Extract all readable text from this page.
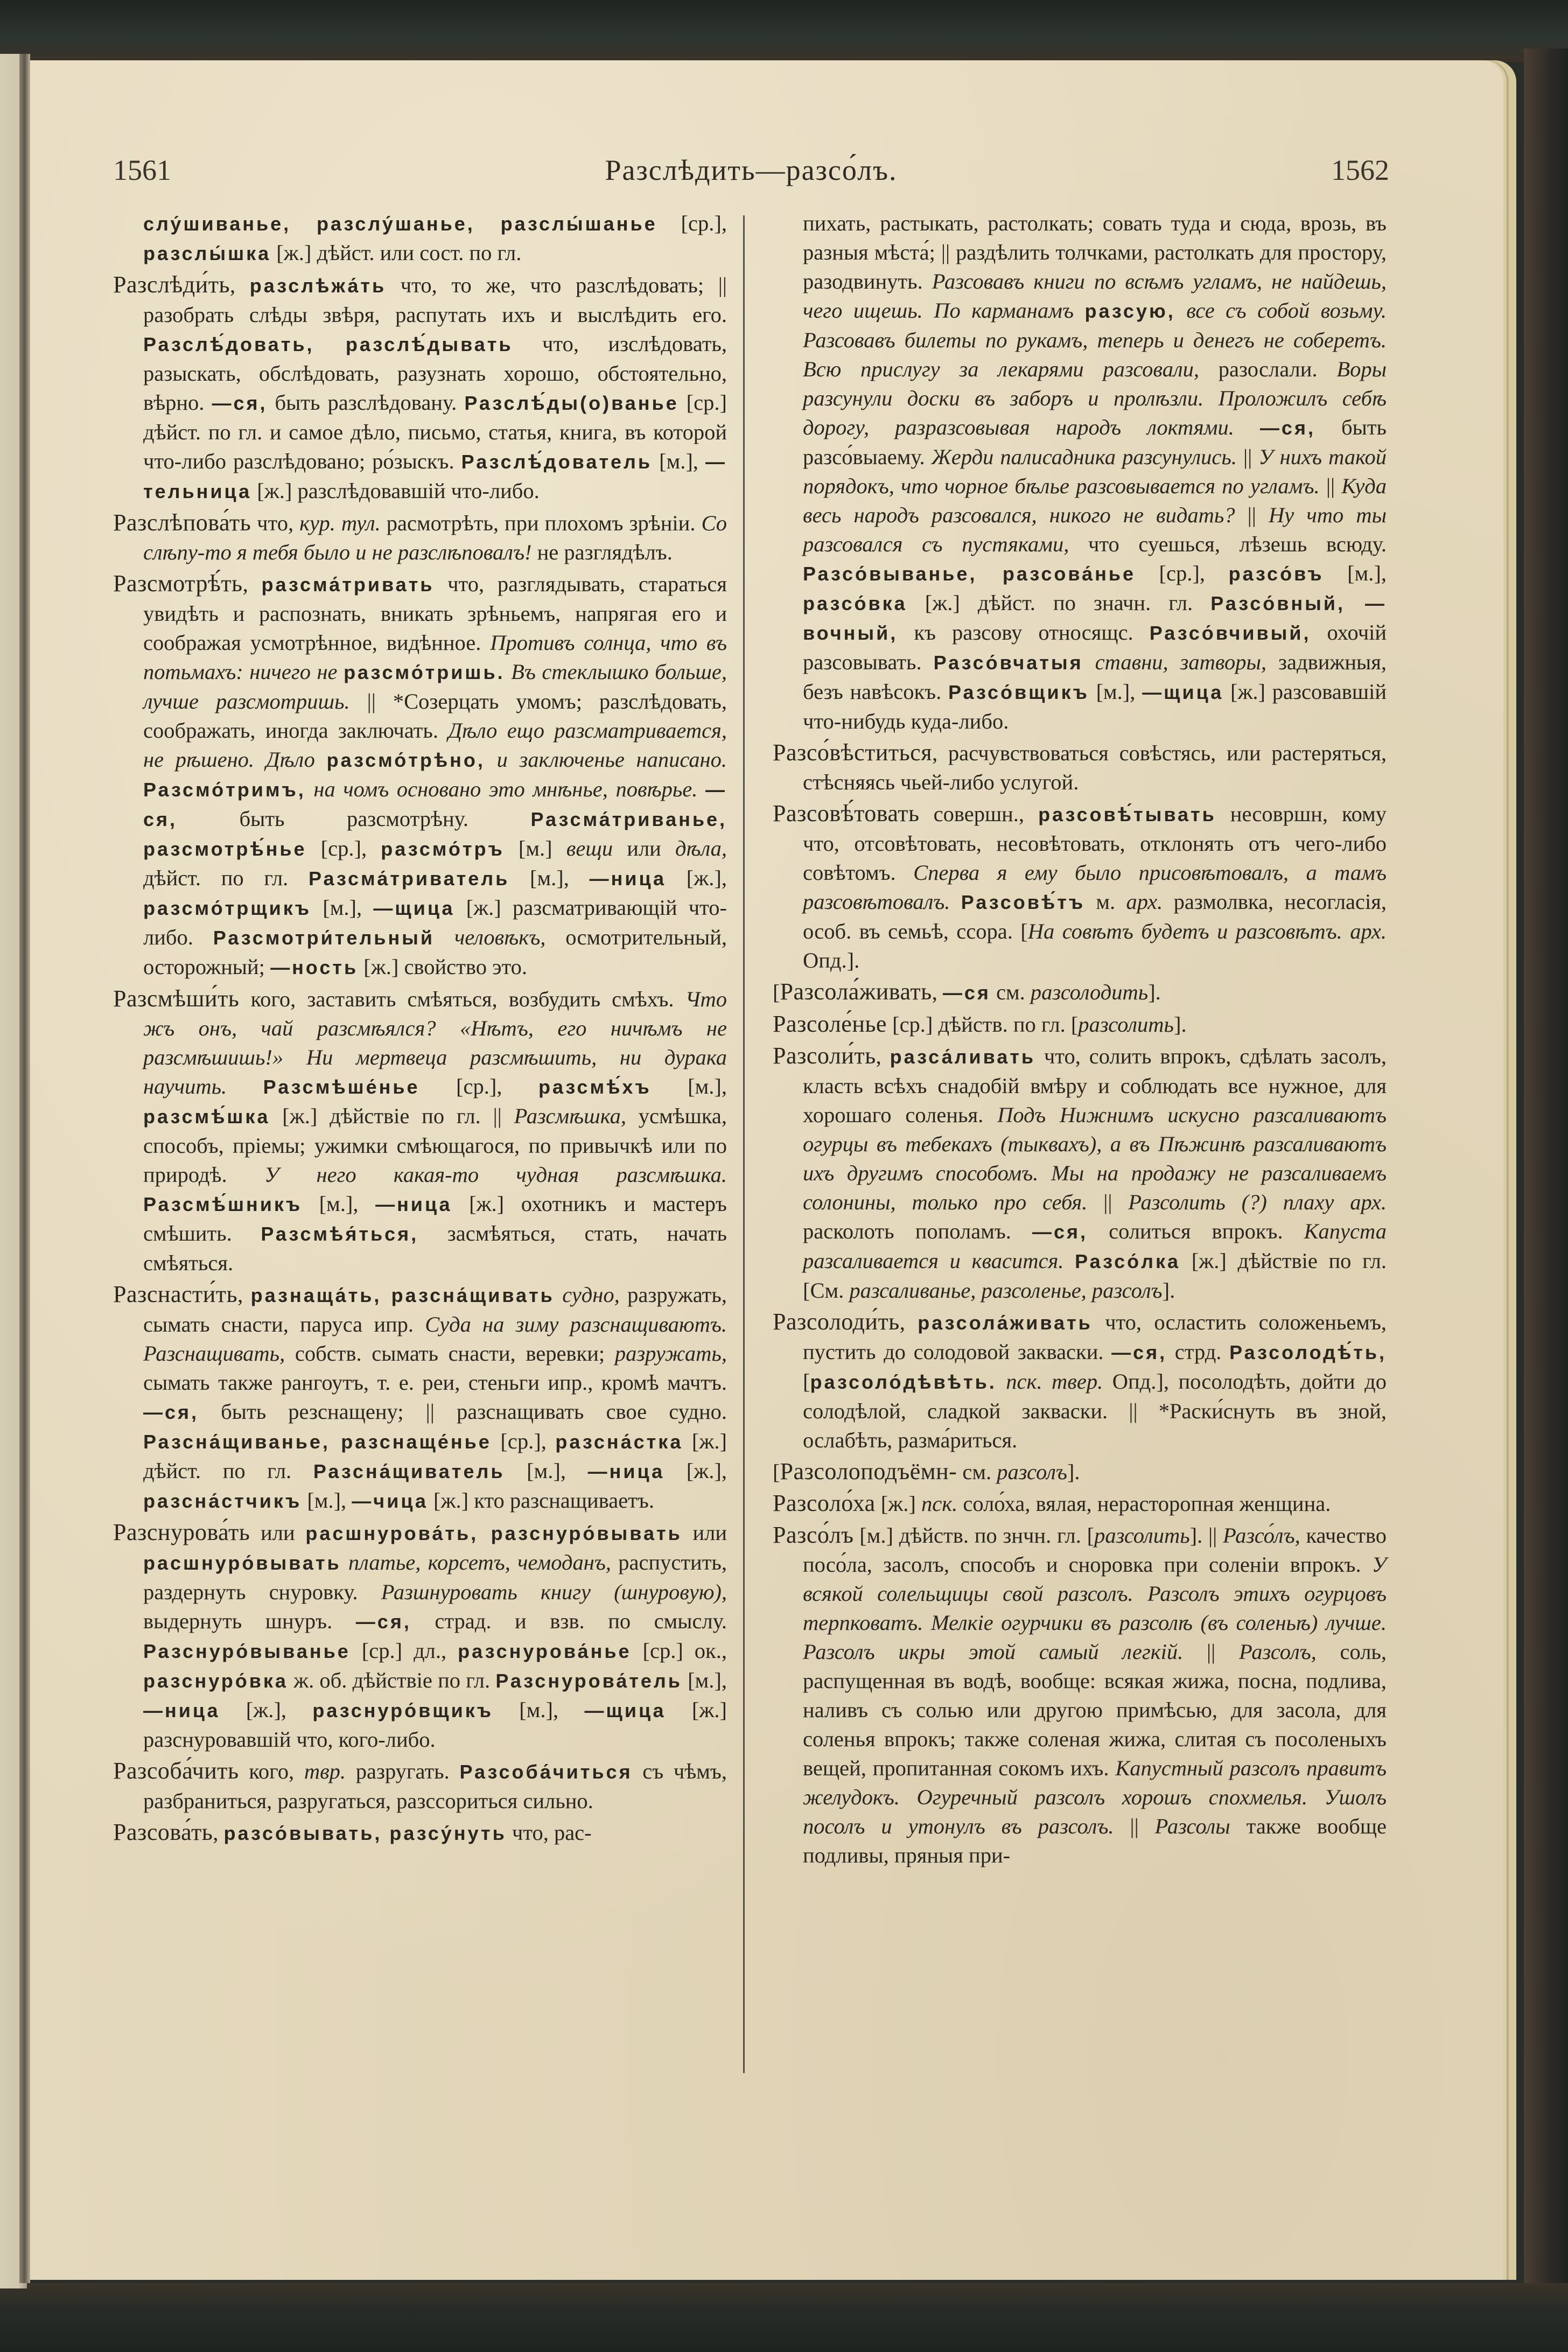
1561	Разслѣдить—разсо́лъ.	1562

слу́шиванье, разслу́шанье, разслы́шанье [ср.], разслы́шка [ж.] дѣйст. или сост. по гл.

Разслѣди́ть, разслѣжа́ть что, то же, что разслѣдовать; || разобрать слѣды звѣря, распутать ихъ и выслѣдить его. Разслѣ́довать, разслѣ́дывать что, изслѣдовать, разыскать, обслѣдовать, разузнать хорошо, обстоятельно, вѣрно. —ся, быть разслѣдовану. Разслѣ́ды(о)ванье [ср.] дѣйст. по гл. и самое дѣло, письмо, статья, книга, въ которой что-либо разслѣдовано; ро́зыскъ. Разслѣ́дователь [м.], —тельница [ж.] разслѣдовавшій что-либо.

Разслѣпова́ть что, кур. тул. расмотрѣть, при плохомъ зрѣніи. Со слѣпу-то я тебя было и не разслѣповалъ! не разглядѣлъ.

Разсмотрѣ́ть, разсма́тривать что, разглядывать, стараться увидѣть и распознать, вникать зрѣньемъ, напрягая его и соображая усмотрѣнное, видѣнное. Противъ солнца, что въ потьмахъ: ничего не разсмо́тришь. Въ стеклышко больше, лучше разсмотришь. || *Созерцать умомъ; разслѣдовать, соображать, иногда заключать. Дѣло ещо разсматривается, не рѣшено. Дѣло разсмо́трѣно, и заключенье написано. Разсмо́тримъ, на чомъ основано это мнѣнье, повѣрье. —ся, быть разсмотрѣну. Разсма́триванье, разсмотрѣ́нье [ср.], разсмо́тръ [м.] вещи или дѣла, дѣйст. по гл. Разсма́триватель [м.], —ница [ж.], разсмо́трщикъ [м.], —щица [ж.] разсматривающій что-либо. Разсмотри́тельный человѣкъ, осмотрительный, осторожный; —ность [ж.] свойство это.

Разсмѣши́ть кого, заставить смѣяться, возбудить смѣхъ. Что жъ онъ, чай разсмѣялся? «Нѣтъ, его ничѣмъ не разсмѣшишь!» Ни мертвеца разсмѣшить, ни дурака научить. Разсмѣше́нье [ср.], разсмѣ́хъ [м.], разсмѣ́шка [ж.] дѣйствіе по гл. || Разсмѣшка, усмѣшка, способъ, пріемы; ужимки смѣющагося, по привычкѣ или по природѣ. У него какая-то чудная разсмѣшка. Разсмѣ́шникъ [м.], —ница [ж.] охотникъ и мастеръ смѣшить. Разсмѣя́ться, засмѣяться, стать, начать смѣяться.

Разснасти́ть, разнаща́ть, разсна́щивать судно, разружать, сымать снасти, паруса ипр. Суда на зиму разснащиваютъ. Разснащивать, собств. сымать снасти, веревки; разружать, сымать также рангоутъ, т. е. реи, стеньги ипр., кромѣ мачтъ. —ся, быть резснащену; || разснащивать свое судно. Разсна́щиванье, разснаще́нье [ср.], разсна́стка [ж.] дѣйст. по гл. Разсна́щиватель [м.], —ница [ж.], разсна́стчикъ [м.], —чица [ж.] кто разснащиваетъ.

Разснурова́ть или расшнурова́ть, разснуро́вывать или расшнуро́вывать платье, корсетъ, чемоданъ, распустить, раздернуть снуровку. Разшнуровать книгу (шнуровую), выдернуть шнуръ. —ся, страд. и взв. по смыслу. Разснуро́вываньe [ср.] дл., разснурова́нье [ср.] ок., разснуро́вка ж. об. дѣйствіе по гл. Разснурова́тель [м.], —ница [ж.], разснуро́вщикъ [м.], —щица [ж.] разснуровавшій что, кого-либо.

Разсоба́чить кого, твр. разругать. Разсоба́читься съ чѣмъ, разбраниться, разругаться, разссориться сильно.

Разсова́ть, разсо́вывать, разсу́нуть что, рас-

пихать, растыкать, растолкать; совать туда и сюда, врозь, въ разныя мѣста́; || раздѣлить толчками, растолкать для простору, разодвинуть. Разсовавъ книги по всѣмъ угламъ, не найдешь, чего ищешь. По карманамъ разсую, все съ собой возьму. Разсовавъ билеты по рукамъ, теперь и денегъ не соберетъ. Всю прислугу за лекарями разсовали, разослали. Воры разсунули доски въ заборъ и пролѣзли. Проложилъ себѣ дорогу, разразсовывая народъ локтями. —ся, быть разсо́выаему. Жерди палисадника разсунулись. || У нихъ такой порядокъ, что чорное бѣлье разсовывается по угламъ. || Куда весь народъ разсовался, никого не видать? || Ну что ты разсовался съ пустяками, что суешься, лѣзешь всюду. Разсо́вываньe, разсова́нье [ср.], разсо́въ [м.], разсо́вка [ж.] дѣйст. по значн. гл. Разсо́вный, —вочный, къ разсову относящс. Разсо́вчивый, охочій разсовывать. Разсо́вчатыя ставни, затворы, задвижныя, безъ навѣсокъ. Разсо́вщикъ [м.], —щица [ж.] разсовавшій что-нибудь куда-либо.

Разсо́вѣститься, расчувствоваться совѣстясь, или растеряться, стѣсняясь чьей-либо услугой.

Разсовѣ́товать совершн., разсовѣ́тывать несовршн, кому что, отсовѣтовать, несовѣтовать, отклонять отъ чего-либо совѣтомъ. Сперва я ему было присовѣтовалъ, а тамъ разсовѣтовалъ. Разсовѣ́тъ м. арх. размолвка, несогласія, особ. въ семьѣ, ссора. [На совѣтъ будетъ и разсовѣтъ. арх. Опд.].

[Разсола́живать, —ся см. разсолодить].

Разсоле́нье [ср.] дѣйств. по гл. [разсолить].

Разсоли́ть, разса́ливать что, солить впрокъ, сдѣлать засолъ, класть всѣхъ снадобій вмѣру и соблюдать все нужное, для хорошаго соленья. Подъ Нижнимъ искусно разсаливаютъ огурцы въ тебекахъ (тыквахъ), а въ Пѣжинѣ разсаливаютъ ихъ другимъ способомъ. Мы на продажу не разсаливаемъ солонины, только про себя. || Разсолить (?) плаху арх. расколоть пополамъ. —ся, солиться впрокъ. Капуста разсаливается и квасится. Разсо́лка [ж.] дѣйствіе по гл. [См. разсаливанье, разсоленье, разсолъ].

Разсолоди́ть, разсола́живать что, осластить соложеньемъ, пустить до солодовой закваски. —ся, стрд. Разсолодѣ́ть, [разсоло́дѣвѣть. пск. твер. Опд.], посолодѣть, дойти до солодѣлой, сладкой закваски. || *Раски́снуть въ зной, ослабѣть, разма́риться.

[Разсолоподъёмн- см. разсолъ].

Разсоло́ха [ж.] пск. соло́ха, вялая, нерасторопная женщина.

Разсо́лъ [м.] дѣйств. по знчн. гл. [разсолить]. || Разсо́лъ, качество посо́ла, засолъ, способъ и сноровка при соленіи впрокъ. У всякой солельщицы свой разсолъ. Разсолъ этихъ огурцовъ терпковатъ. Мелкіе огурчики въ разсолѣ (въ соленьѣ) лучше. Разсолъ икры этой самый легкій. || Разсолъ, соль, распущенная въ водѣ, вообще: всякая жижа, посна, подлива, наливъ съ солью или другою примѣсью, для засола, для соленья впрокъ; также соленая жижа, слитая съ посоленыхъ вещей, пропитанная сокомъ ихъ. Капустный разсолъ правитъ желудокъ. Огуречный разсолъ хорошъ спохмелья. Ушолъ посолъ и утонулъ въ разсолъ. || Разсолы также вообще подливы, пряныя при-
